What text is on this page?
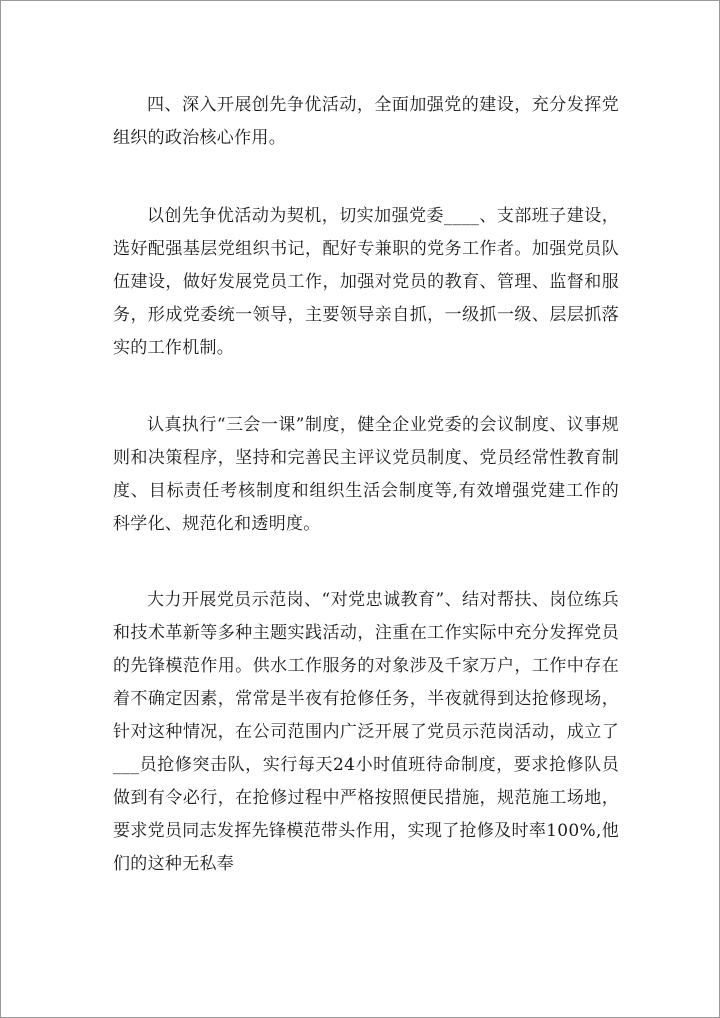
四、深入开展创先争优活动，全面加强党的建设，充分发挥党组织的政治核心作用。

以创先争优活动为契机，切实加强党委____、支部班子建设，选好配强基层党组织书记，配好专兼职的党务工作者。加强党员队伍建设，做好发展党员工作，加强对党员的教育、管理、监督和服务，形成党委统一领导，主要领导亲自抓，一级抓一级、层层抓落实的工作机制。

认真执行“三会一课”制度，健全企业党委的会议制度、议事规则和决策程序，坚持和完善民主评议党员制度、党员经常性教育制度、目标责任考核制度和组织生活会制度等,有效增强党建工作的科学化、规范化和透明度。

大力开展党员示范岗、“对党忠诚教育”、结对帮扶、岗位练兵和技术革新等多种主题实践活动，注重在工作实际中充分发挥党员的先锋模范作用。供水工作服务的对象涉及千家万户，工作中存在着不确定因素，常常是半夜有抢修任务，半夜就得到达抢修现场，针对这种情况，在公司范围内广泛开展了党员示范岗活动，成立了___员抢修突击队，实行每天24小时值班待命制度，要求抢修队员做到有令必行，在抢修过程中严格按照便民措施，规范施工场地，要求党员同志发挥先锋模范带头作用，实现了抢修及时率100%,他们的这种无私奉
